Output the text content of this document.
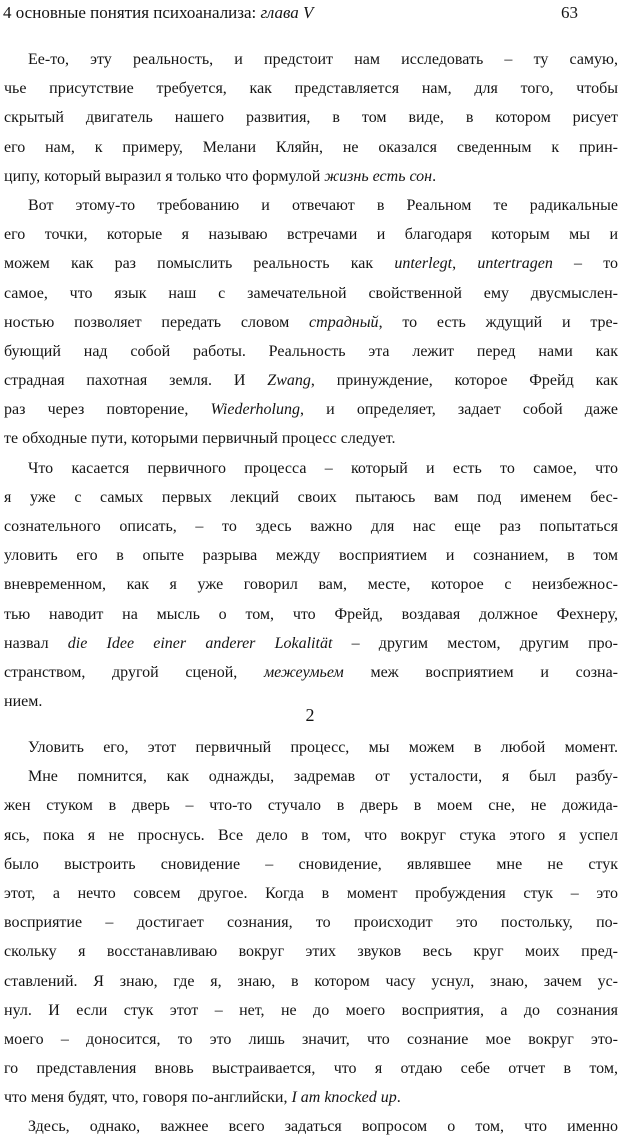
4 основные понятия психоанализа: глава V	63
Ее-то, эту реальность, и предстоит нам исследовать – ту самую,
чье присутствие требуется, как представляется нам, для того, чтобы
скрытый двигатель нашего развития, в том виде, в котором рисует
его нам, к примеру, Мелани Кляйн, не оказался сведенным к прин-
ципу, который выразил я только что формулой жизнь есть сон.
Вот этому-то требованию и отвечают в Реальном те радикальные
его точки, которые я называю встречами и благодаря которым мы и
можем как раз помыслить реальность как unterlegt, untertragen – то
самое, что язык наш с замечательной свойственной ему двусмыслен-
ностью позволяет передать словом страдный, то есть ждущий и тре-
бующий над собой работы. Реальность эта лежит перед нами как
страдная пахотная земля. И Zwang, принуждение, которое Фрейд как
раз через повторение, Wiederholung, и определяет, задает собой даже
те обходные пути, которыми первичный процесс следует.
Что касается первичного процесса – который и есть то самое, что
я уже с самых первых лекций своих пытаюсь вам под именем бес-
сознательного описать, – то здесь важно для нас еще раз попытаться
уловить его в опыте разрыва между восприятием и сознанием, в том
вневременном, как я уже говорил вам, месте, которое с неизбежнос-
тью наводит на мысль о том, что Фрейд, воздавая должное Фехнеру,
назвал die Idee einer anderer Lokalität – другим местом, другим про-
странством, другой сценой, межеумьем меж восприятием и созна-
нием.
2
Уловить его, этот первичный процесс, мы можем в любой момент.
Мне помнится, как однажды, задремав от усталости, я был разбу-
жен стуком в дверь – что-то стучало в дверь в моем сне, не дожида-
ясь, пока я не проснусь. Все дело в том, что вокруг стука этого я успел
было выстроить сновидение – сновидение, являвшее мне не стук
этот, а нечто совсем другое. Когда в момент пробуждения стук – это
восприятие – достигает сознания, то происходит это постольку, по-
скольку я восстанавливаю вокруг этих звуков весь круг моих пред-
ставлений. Я знаю, где я, знаю, в котором часу уснул, знаю, зачем ус-
нул. И если стук этот – нет, не до моего восприятия, а до сознания
моего – доносится, то это лишь значит, что сознание мое вокруг это-
го представления вновь выстраивается, что я отдаю себе отчет в том,
что меня будят, что, говоря по-английски, I am knocked up.
Здесь, однако, важнее всего задаться вопросом о том, что именно
